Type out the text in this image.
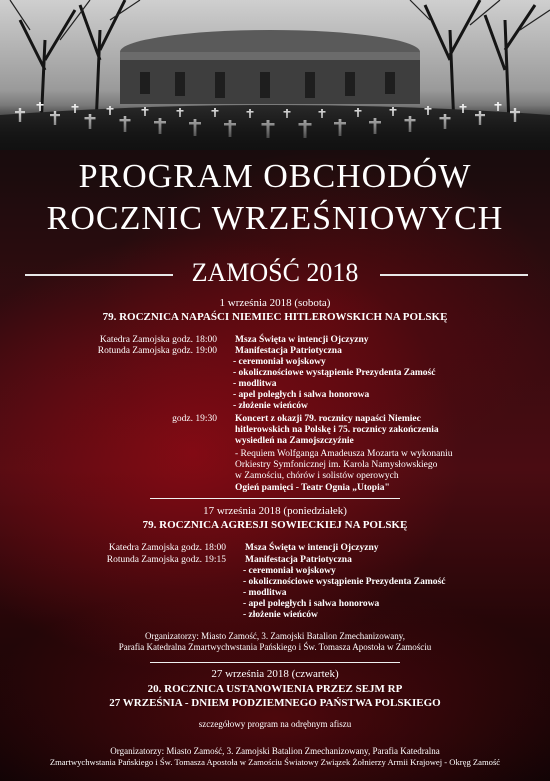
PROGRAM OBCHODÓW
ROCZNIC WRZEŚNIOWYCH
ZAMOŚĆ 2018
1 września 2018 (sobota)
79. ROCZNICA NAPAŚCI NIEMIEC HITLEROWSKICH NA POLSKĘ
Katedra Zamojska godz. 18:00 Msza Święta w intencji Ojczyzny
Rotunda Zamojska godz. 19:00 Manifestacja Patriotyczna
- ceremoniał wojskowy
- okolicznościowe wystąpienie Prezydenta Zamość
- modlitwa
- apel poległych i salwa honorowa
- złożenie wieńców
godz. 19:30 Koncert z okazji 79. rocznicy napaści Niemiec
hitlerowskich na Polskę i 75. rocznicy zakończenia
wysiedleń na Zamojszczyźnie
- Requiem Wolfganga Amadeusza Mozarta w wykonaniu
Orkiestry Symfonicznej im. Karola Namysłowskiego
w Zamościu, chórów i solistów operowych
Ogień pamięci - Teatr Ognia „Utopia"
17 września 2018 (poniedziałek)
79. ROCZNICA AGRESJI SOWIECKIEJ NA POLSKĘ
Katedra Zamojska godz. 18:00 Msza Święta w intencji Ojczyzny
Rotunda Zamojska godz. 19:15 Manifestacja Patriotyczna
- ceremoniał wojskowy
- okolicznościowe wystąpienie Prezydenta Zamość
- modlitwa
- apel poległych i salwa honorowa
- złożenie wieńców
Organizatorzy: Miasto Zamość, 3. Zamojski Batalion Zmechanizowany,
Parafia Katedralna Zmartwychwstania Pańskiego i Św. Tomasza Apostoła w Zamościu
27 września 2018 (czwartek)
20. ROCZNICA USTANOWIENIA PRZEZ SEJM RP
27 WRZEŚNIA - DNIEM PODZIEMNEGO PAŃSTWA POLSKIEGO
szczegółowy program na odrębnym afiszu
Organizatorzy: Miasto Zamość, 3. Zamojski Batalion Zmechanizowany, Parafia Katedralna
Zmartwychwstania Pańskiego i Św. Tomasza Apostoła w Zamościu Światowy Związek Żołnierzy Armii Krajowej - Okręg Zamość
